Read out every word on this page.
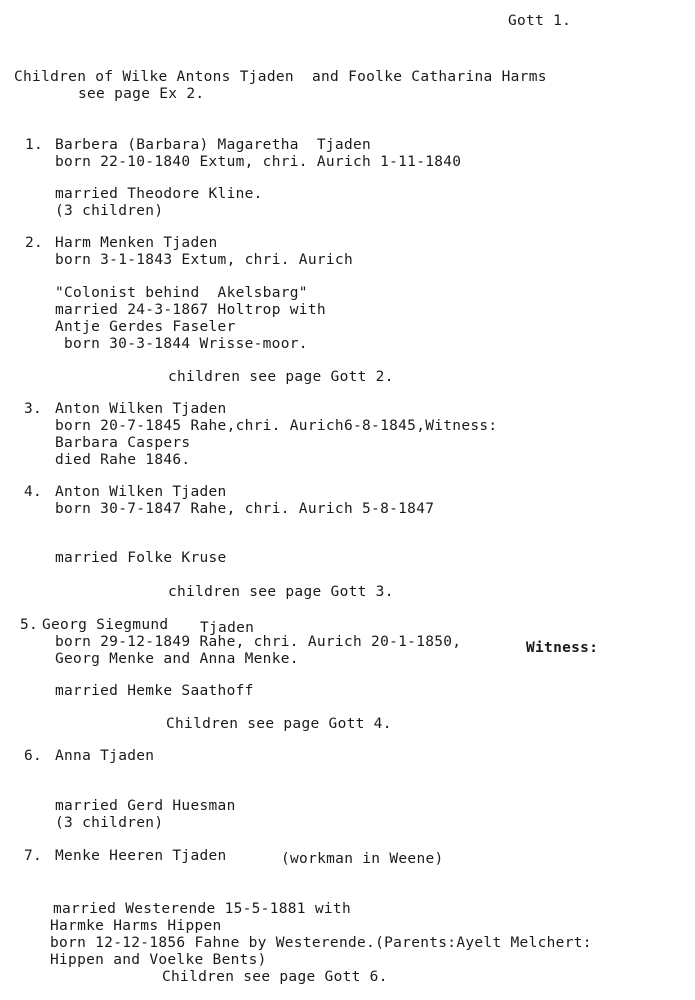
Gott 1.
Children of Wilke Antons Tjaden  and Foolke Catharina Harms
see page Ex 2.
1. Barbera (Barbara) Magaretha  Tjaden
born 22-10-1840 Extum, chri. Aurich 1-11-1840
married Theodore Kline.
(3 children)
2. Harm Menken Tjaden
born 3-1-1843 Extum, chri. Aurich
"Colonist behind  Akelsbarg"
married 24-3-1867 Holtrop with
Antje Gerdes Faseler
born 30-3-1844 Wrisse-moor.
children see page Gott 2.
3. Anton Wilken Tjaden
born 20-7-1845 Rahe,chri. Aurich6-8-1845,Witness:
Barbara Caspers
died Rahe 1846.
4. Anton Wilken Tjaden
born 30-7-1847 Rahe, chri. Aurich 5-8-1847
married Folke Kruse
children see page Gott 3.
5. Georg Siegmund Tjaden
born 29-12-1849 Rahe, chri. Aurich 20-1-1850,	Witness:
Georg Menke and Anna Menke.
married Hemke Saathoff
Children see page Gott 4.
6. Anna Tjaden
married Gerd Huesman
(3 children)
7. Menke Heeren Tjaden	(workman in Weene)
married Westerende 15-5-1881 with
Harmke Harms Hippen
born 12-12-1856 Fahne by Westerende.(Parents:Ayelt Melchert:
Hippen and Voelke Bents)
Children see page Gott 6.
